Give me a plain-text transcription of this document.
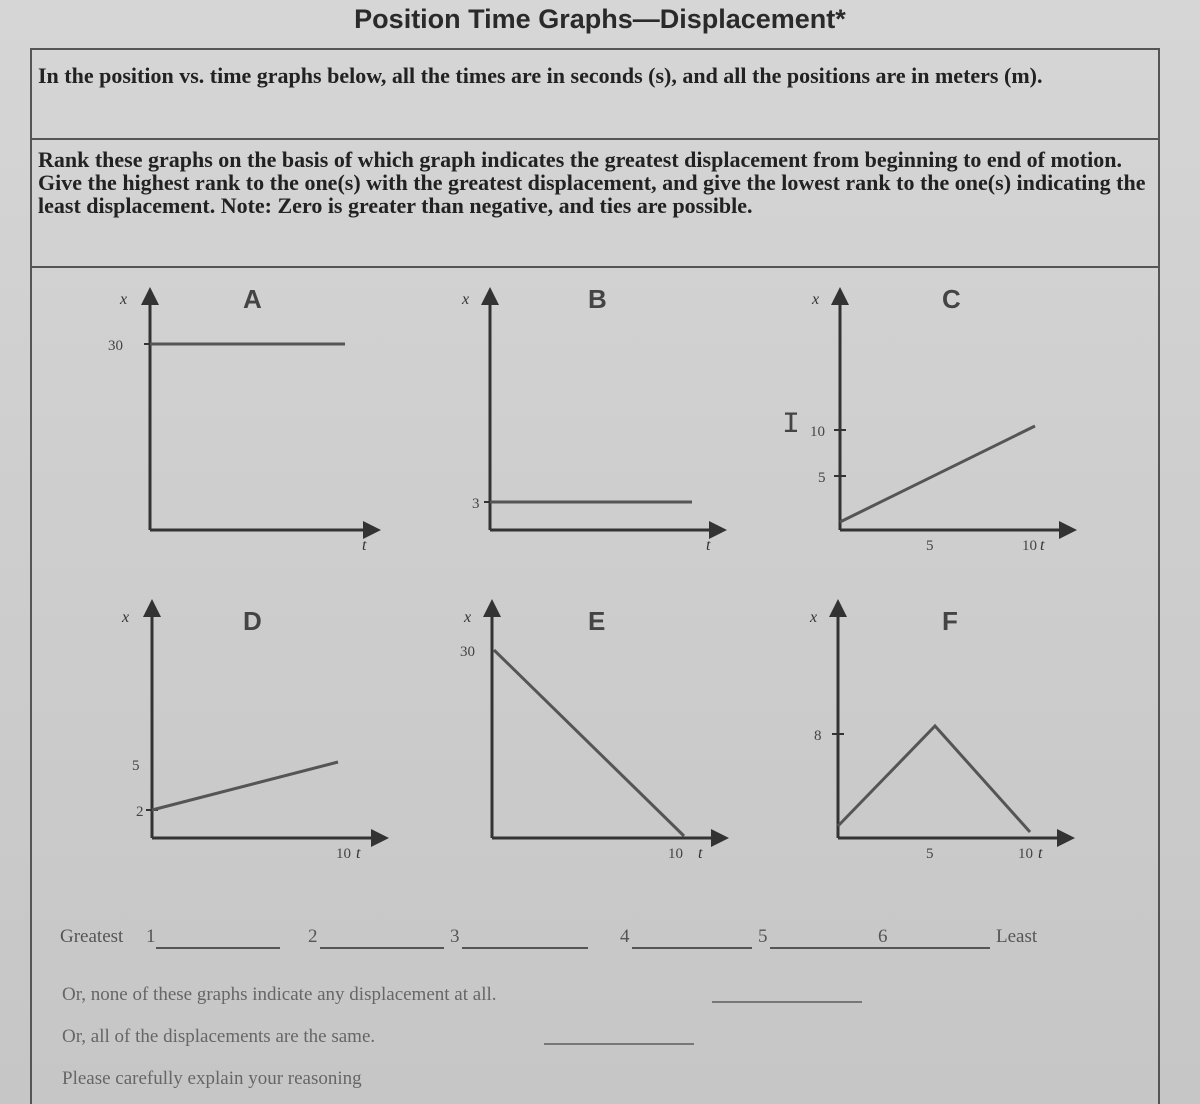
Position Time Graphs—Displacement*
In the position vs. time graphs below, all the times are in seconds (s), and all the positions are in meters (m).
Rank these graphs on the basis of which graph indicates the greatest displacement from beginning to end of motion. Give the highest rank to the one(s) with the greatest displacement, and give the lowest rank to the one(s) indicating the least displacement. Note: Zero is greater than negative, and ties are possible.
A	B	C
D	E	F
x
t
30
x
t
3
I
x
10
5
5	10 t
x
5
2
10 t
x
30
10 t
x
8
5	10 t
Greatest 1	2	3	4	5	6	Least
Or, none of these graphs indicate any displacement at all.
Or, all of the displacements are the same.
Please carefully explain your reasoning
